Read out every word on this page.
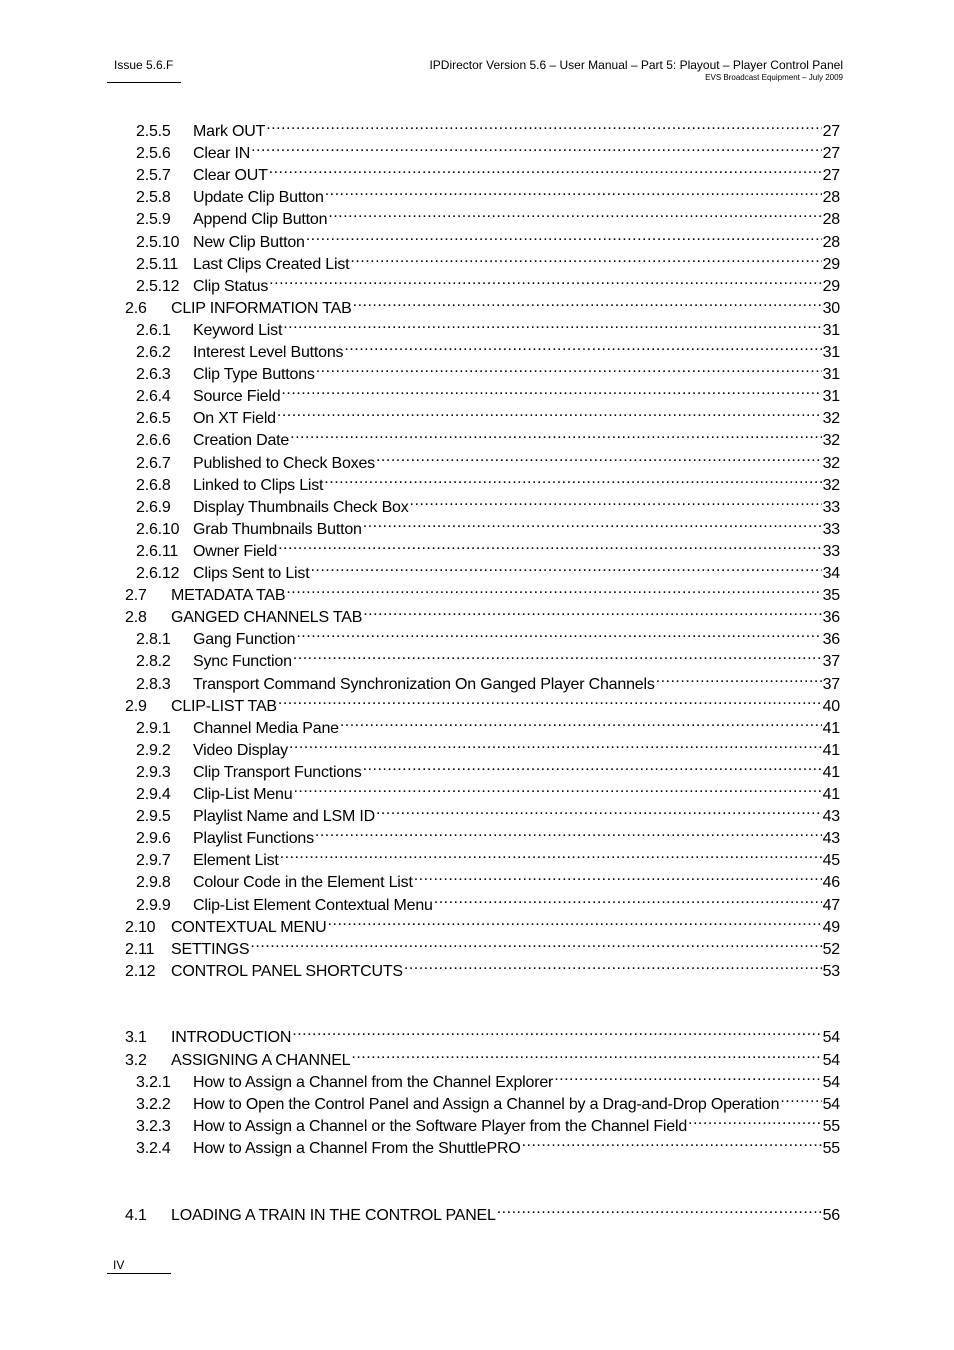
Issue 5.6.F	IPDirector Version 5.6 – User Manual – Part 5: Playout – Player Control Panel
EVS Broadcast Equipment – July 2009
2.5.5	Mark OUT .....	27
2.5.6	Clear IN .....	27
2.5.7	Clear OUT .....	27
2.5.8	Update Clip Button .....	28
2.5.9	Append Clip Button .....	28
2.5.10 New Clip Button .....	28
2.5.11 Last Clips Created List .....	29
2.5.12 Clip Status .....	29
2.6	CLIP INFORMATION TAB .....	30
2.6.1	Keyword List .....	31
2.6.2	Interest Level Buttons .....	31
2.6.3	Clip Type Buttons .....	31
2.6.4	Source Field .....	31
2.6.5	On XT Field .....	32
2.6.6	Creation Date .....	32
2.6.7	Published to Check Boxes .....	32
2.6.8	Linked to Clips List .....	32
2.6.9	Display Thumbnails Check Box .....	33
2.6.10 Grab Thumbnails Button .....	33
2.6.11 Owner Field .....	33
2.6.12 Clips Sent to List .....	34
2.7	METADATA TAB .....	35
2.8	GANGED CHANNELS TAB .....	36
2.8.1	Gang Function .....	36
2.8.2	Sync Function .....	37
2.8.3	Transport Command Synchronization On Ganged Player Channels .....	37
2.9	CLIP-LIST TAB .....	40
2.9.1	Channel Media Pane .....	41
2.9.2	Video Display .....	41
2.9.3	Clip Transport Functions .....	41
2.9.4	Clip-List Menu .....	41
2.9.5	Playlist Name and LSM ID .....	43
2.9.6	Playlist Functions .....	43
2.9.7	Element List .....	45
2.9.8	Colour Code in the Element List .....	46
2.9.9	Clip-List Element Contextual Menu .....	47
2.10 CONTEXTUAL MENU .....	49
2.11	SETTINGS .....	52
2.12 CONTROL PANEL SHORTCUTS .....	53
3.1	INTRODUCTION .....	54
3.2	ASSIGNING A CHANNEL .....	54
3.2.1	How to Assign a Channel from the Channel Explorer .....	54
3.2.2	How to Open the Control Panel and Assign a Channel by a Drag-and-Drop Operation .....	54
3.2.3	How to Assign a Channel or the Software Player from the Channel Field .....	55
3.2.4	How to Assign a Channel From the ShuttlePRO .....	55
4.1	LOADING A TRAIN IN THE CONTROL PANEL .....	56
IV
